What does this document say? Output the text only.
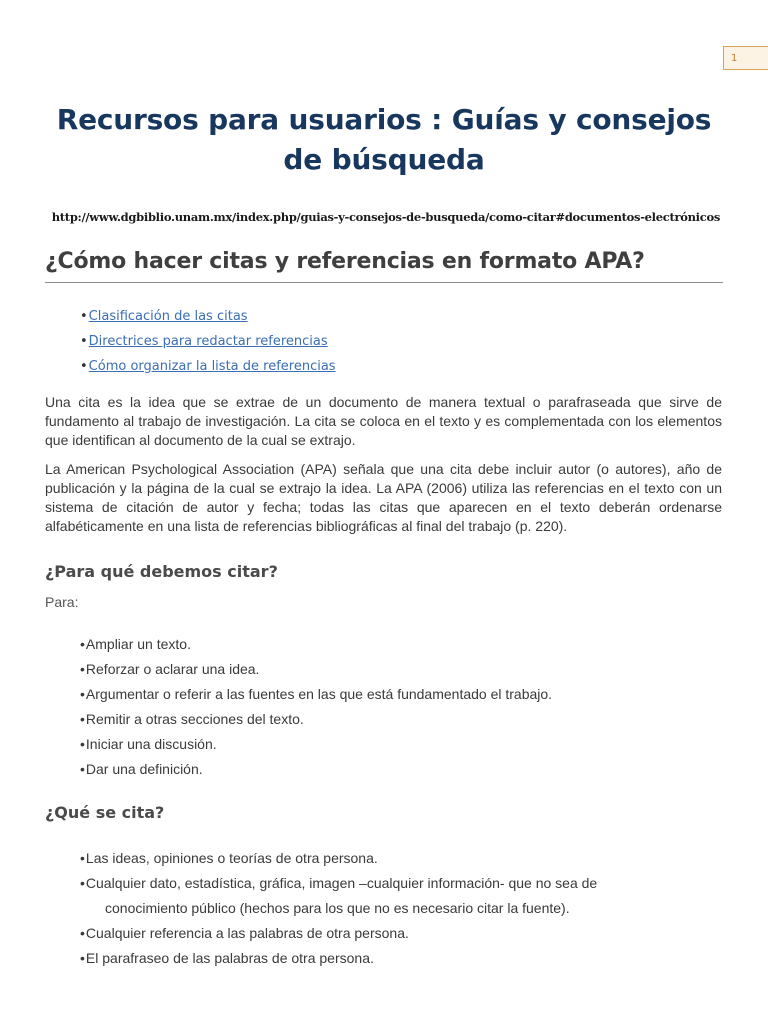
1
Recursos para usuarios : Guías y consejos de búsqueda
http://www.dgbiblio.unam.mx/index.php/guias-y-consejos-de-busqueda/como-citar#documentos-electrónicos
¿Cómo hacer citas y referencias en formato APA?
• Clasificación de las citas
• Directrices para redactar referencias
• Cómo organizar la lista de referencias

Una cita es la idea que se extrae de un documento de manera textual o parafraseada que sirve de fundamento al trabajo de investigación. La cita se coloca en el texto y es complementada con los elementos que identifican al documento de la cual se extrajo.

La American Psychological Association (APA) señala que una cita debe incluir autor (o autores), año de publicación y la página de la cual se extrajo la idea. La APA (2006) utiliza las referencias en el texto con un sistema de citación de autor y fecha; todas las citas que aparecen en el texto deberán ordenarse alfabéticamente en una lista de referencias bibliográficas al final del trabajo (p. 220).

¿Para qué debemos citar?
Para:
• Ampliar un texto.
• Reforzar o aclarar una idea.
• Argumentar o referir a las fuentes en las que está fundamentado el trabajo.
• Remitir a otras secciones del texto.
• Iniciar una discusión.
• Dar una definición.
¿Qué se cita?
• Las ideas, opiniones o teorías de otra persona.
• Cualquier dato, estadística, gráfica, imagen –cualquier información- que no sea de
conocimiento público (hechos para los que no es necesario citar la fuente).
• Cualquier referencia a las palabras de otra persona.
• El parafraseo de las palabras de otra persona.
